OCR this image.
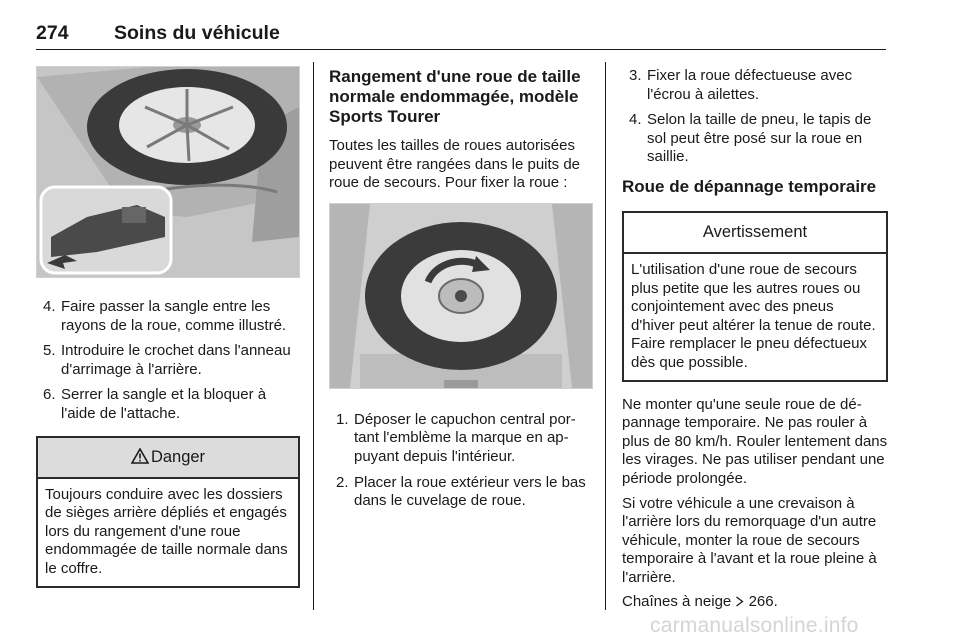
274 Soins du véhicule
4. Faire passer la sangle entre les rayons de la roue, comme illustré.
5. Introduire le crochet dans l'anneau d'arrimage à l'arrière.
6. Serrer la sangle et la bloquer à l'aide de l'attache.
Danger
Toujours conduire avec les dossiers de sièges arrière dépliés et engagés lors du rangement d'une roue endommagée de taille normale dans le coffre.
Rangement d'une roue de taille normale endommagée, modèle Sports Tourer

Toutes les tailles de roues autorisées peuvent être rangées dans le puits de roue de secours. Pour fixer la roue :

1. Déposer le capuchon central portant l'emblème la marque en appuyant depuis l'intérieur.
2. Placer la roue extérieur vers le bas dans le cuvelage de roue.
3. Fixer la roue défectueuse avec l'écrou à ailettes.
4. Selon la taille de pneu, le tapis de sol peut être posé sur la roue en saillie.
Roue de dépannage temporaire
Avertissement
L'utilisation d'une roue de secours plus petite que les autres roues ou conjointement avec des pneus d'hiver peut altérer la tenue de route. Faire remplacer le pneu défectueux dès que possible.

Ne monter qu'une seule roue de dépannage temporaire. Ne pas rouler à plus de 80 km/h. Rouler lentement dans les virages. Ne pas utiliser pendant une période prolongée.

Si votre véhicule a une crevaison à l'arrière lors du remorquage d'un autre véhicule, monter la roue de secours temporaire à l'avant et la roue pleine à l'arrière.

Chaînes à neige 266.

carmanualsonline.info
